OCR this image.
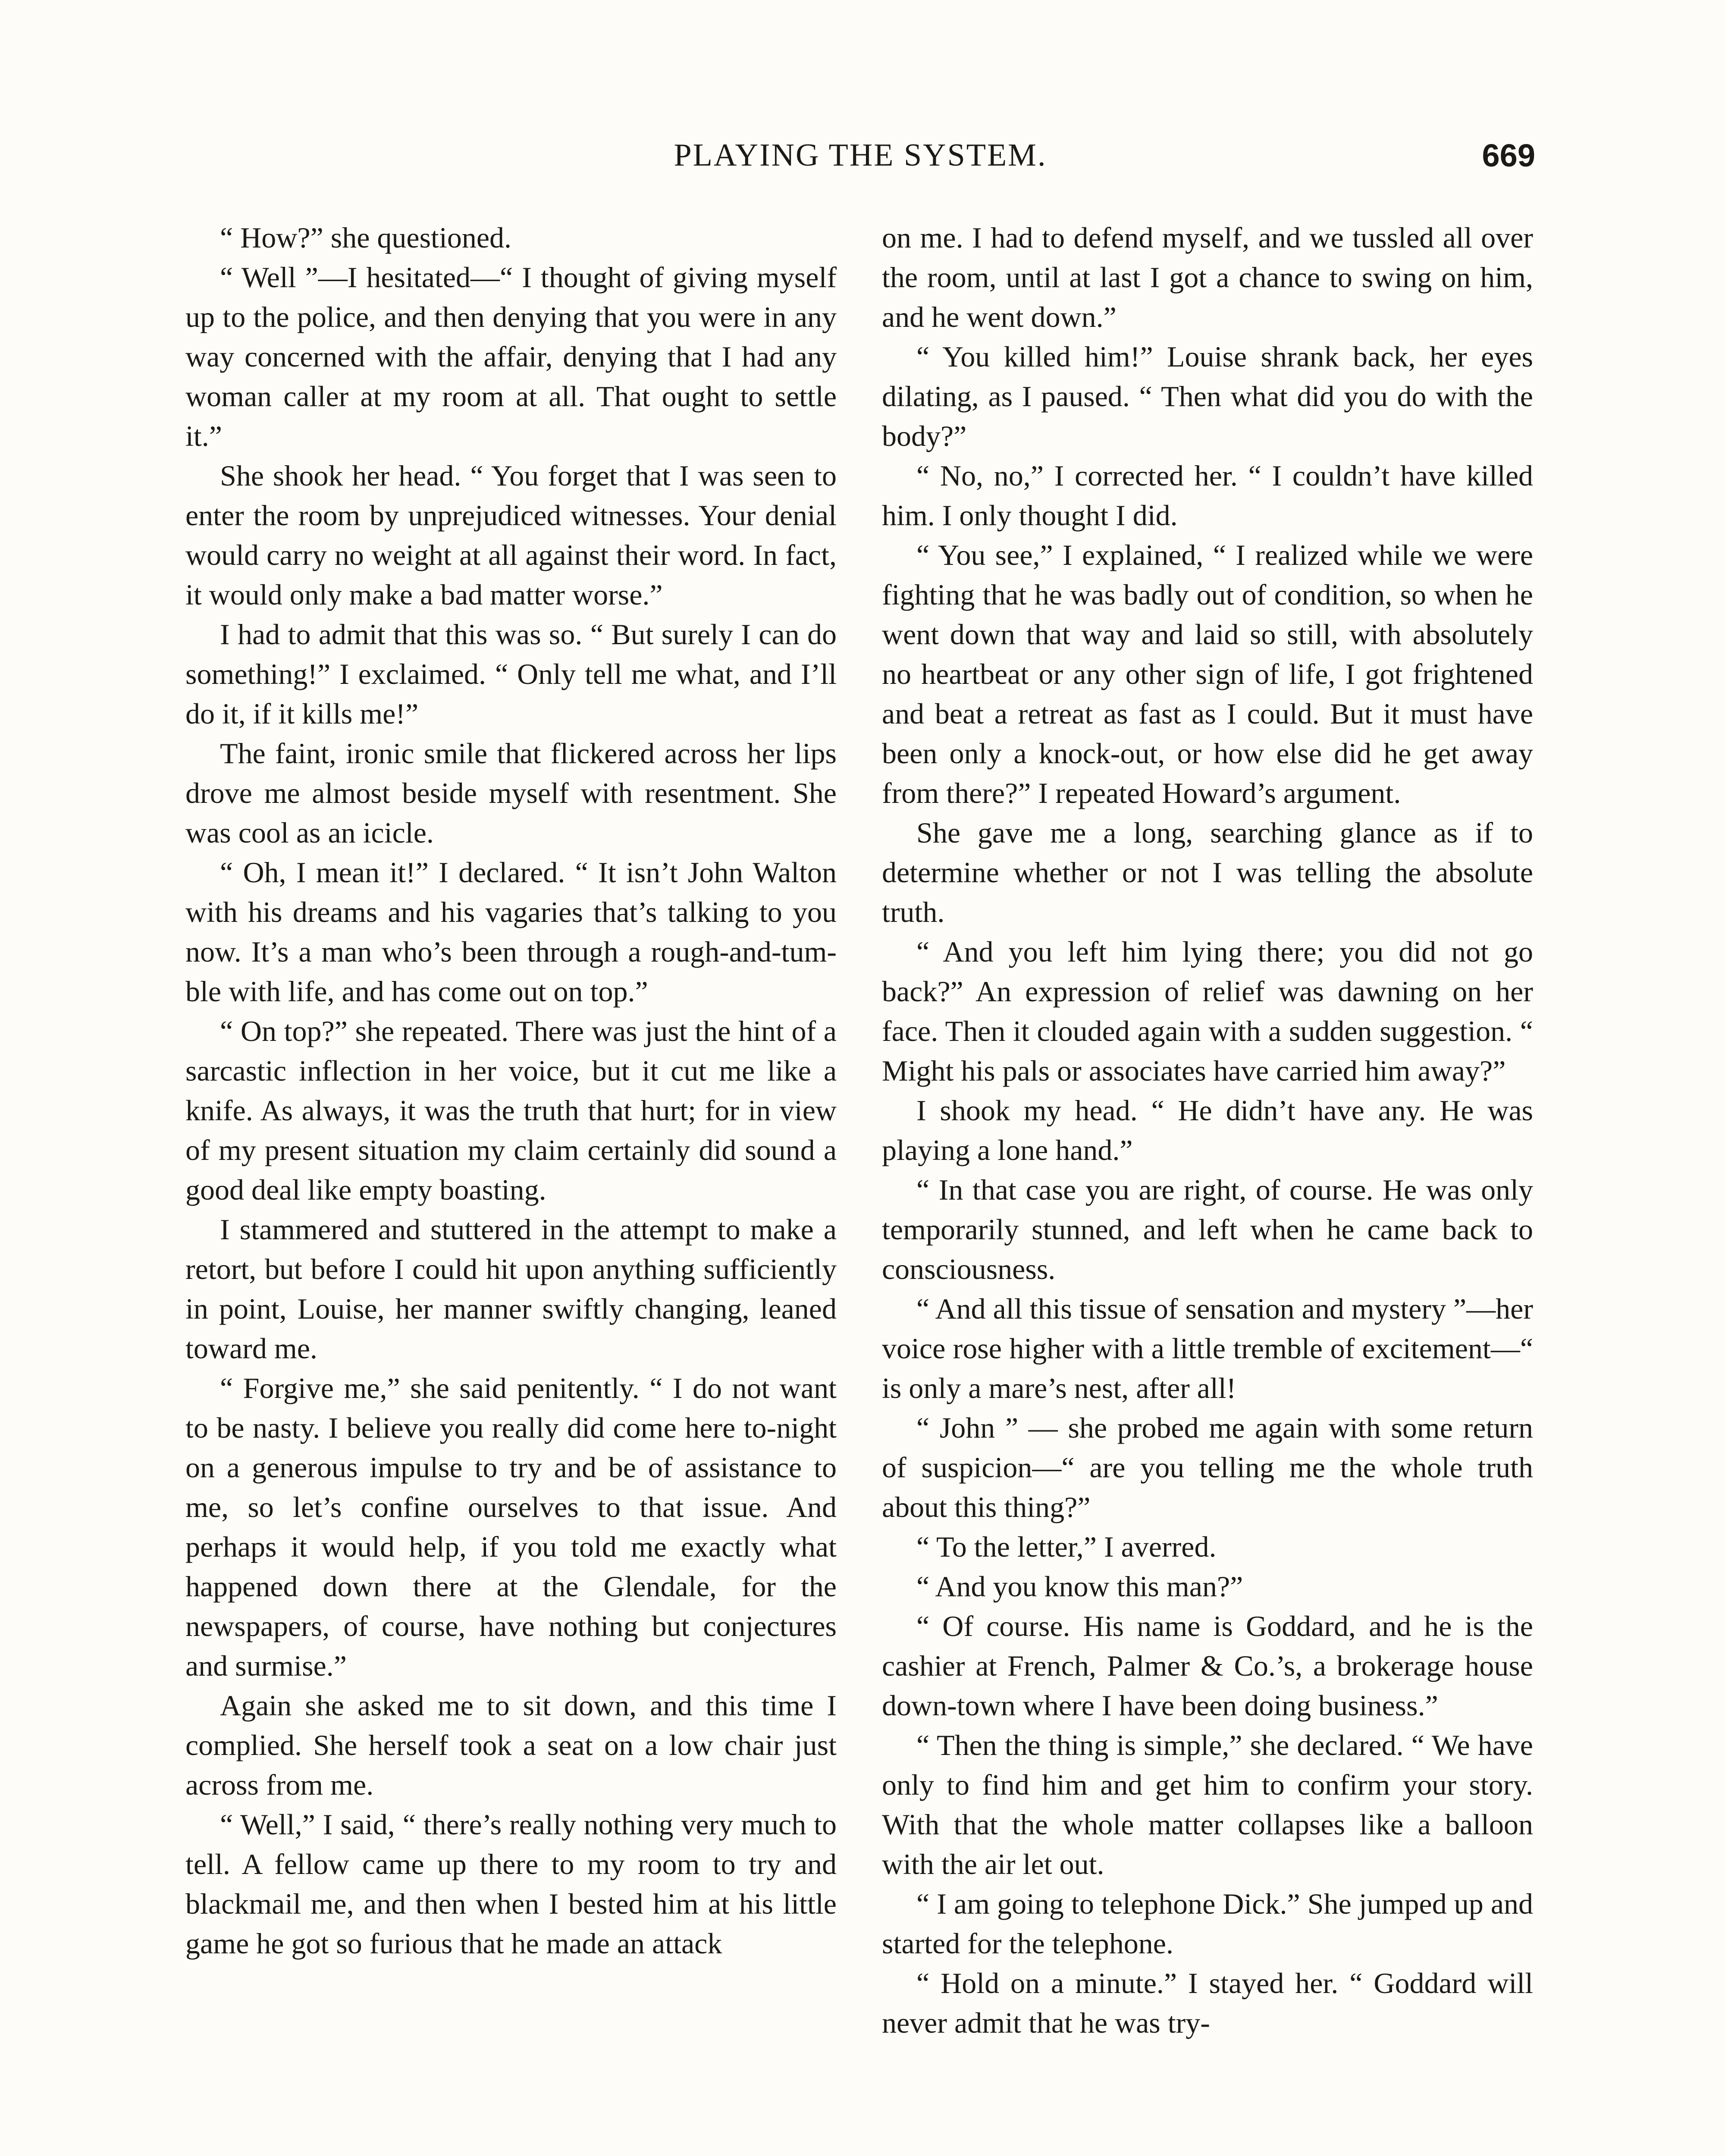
PLAYING THE SYSTEM.	669

“ How?” she questioned.

“ Well ”—I hesitated—“ I thought of giving myself up to the police, and then denying that you were in any way concerned with the affair, denying that I had any woman caller at my room at all. That ought to settle it.”

She shook her head. “ You forget that I was seen to enter the room by unprejudiced witnesses. Your denial would carry no weight at all against their word. In fact, it would only make a bad matter worse.”

I had to admit that this was so. “ But surely I can do something!” I exclaimed. “ Only tell me what, and I’ll do it, if it kills me!”

The faint, ironic smile that flickered across her lips drove me almost beside myself with resentment. She was cool as an icicle.

“ Oh, I mean it!” I declared. “ It isn’t John Walton with his dreams and his vagaries that’s talking to you now. It’s a man who’s been through a rough-and-tumble with life, and has come out on top.”

“ On top?” she repeated. There was just the hint of a sarcastic inflection in her voice, but it cut me like a knife. As always, it was the truth that hurt; for in view of my present situation my claim certainly did sound a good deal like empty boasting.

I stammered and stuttered in the attempt to make a retort, but before I could hit upon anything sufficiently in point, Louise, her manner swiftly changing, leaned toward me.

“ Forgive me,” she said penitently. “ I do not want to be nasty. I believe you really did come here to-night on a generous impulse to try and be of assistance to me, so let’s confine ourselves to that issue. And perhaps it would help, if you told me exactly what happened down there at the Glendale, for the newspapers, of course, have nothing but conjectures and surmise.”

Again she asked me to sit down, and this time I complied. She herself took a seat on a low chair just across from me.

“ Well,” I said, “ there’s really nothing very much to tell. A fellow came up there to my room to try and blackmail me, and then when I bested him at his little game he got so furious that he made an attack

on me. I had to defend myself, and we tussled all over the room, until at last I got a chance to swing on him, and he went down.”

“ You killed him!” Louise shrank back, her eyes dilating, as I paused. “ Then what did you do with the body?”

“ No, no,” I corrected her. “ I couldn’t have killed him. I only thought I did.

“ You see,” I explained, “ I realized while we were fighting that he was badly out of condition, so when he went down that way and laid so still, with absolutely no heartbeat or any other sign of life, I got frightened and beat a retreat as fast as I could. But it must have been only a knock-out, or how else did he get away from there?” I repeated Howard’s argument.

She gave me a long, searching glance as if to determine whether or not I was telling the absolute truth.

“ And you left him lying there; you did not go back?” An expression of relief was dawning on her face. Then it clouded again with a sudden suggestion. “ Might his pals or associates have carried him away?”

I shook my head. “ He didn’t have any. He was playing a lone hand.”

“ In that case you are right, of course. He was only temporarily stunned, and left when he came back to consciousness.

“ And all this tissue of sensation and mystery ”—her voice rose higher with a little tremble of excitement—“ is only a mare’s nest, after all!

“ John ” — she probed me again with some return of suspicion—“ are you telling me the whole truth about this thing?”

“ To the letter,” I averred.

“ And you know this man?”

“ Of course. His name is Goddard, and he is the cashier at French, Palmer & Co.’s, a brokerage house down-town where I have been doing business.”

“ Then the thing is simple,” she declared. “ We have only to find him and get him to confirm your story. With that the whole matter collapses like a balloon with the air let out.

“ I am going to telephone Dick.” She jumped up and started for the telephone.

“ Hold on a minute.” I stayed her. “ Goddard will never admit that he was try-
